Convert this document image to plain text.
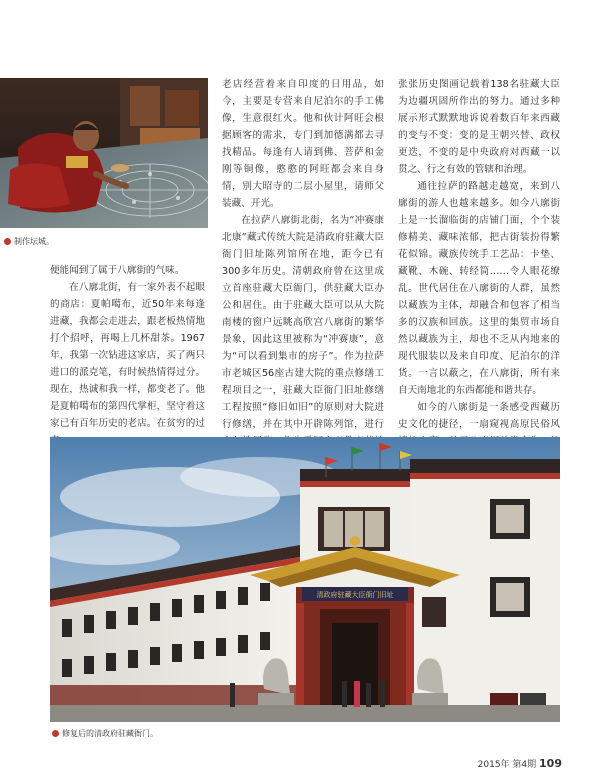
制作坛城。

便能闻到了属于八廓街的气味。

在八廓北街，有一家外表不起眼的商店：夏帕噶布，近50年来每逢进藏，我都会走进去，跟老板热情地打个招呼，再喝上几杯甜茶。1967年，我第一次钻进这家店，买了两只进口的派克笔，有时候热情得过分。现在，热诚和我一样，都变老了。他是夏帕噶布的第四代掌柜，坚守着这家已有百年历史的老店。在贫穷的过

老店经营着来自印度的日用品，如今，主要是专营来自尼泊尔的手工佛像，生意很红火。他和伙计阿旺会根据顾客的需求，专门到加德满都去寻找精品。每逢有人请到佛、菩萨和金刚等铜像，憨憨的阿旺都会来自身情，别大昭寺的二层小屋里，请师父装藏、开光。

在拉萨八廓街北街，名为“冲赛康北康”藏式传统大院是清政府驻藏大臣衙门旧址陈列馆所在地，距今已有300多年历史。清朝政府曾在这里成立首座驻藏大臣衙门，供驻藏大臣办公和居住。由于驻藏大臣可以从大院南楼的窗户远眺高欣宫八廓街的繁华景象，因此这里被称为“冲赛康”，意为“可以看到集市的房子”。作为拉萨市老城区56座古建大院的重点修缮工程项目之一，驻藏大臣衙门旧址修缮工程按照“修旧如旧”的原则对大院进行修缮，并在其中开辟陈列馆，进行

张张历史图画记载着138名驻藏大臣为边疆巩固所作出的努力。通过多种展示形式默默地诉说着数百年来西藏的变与不变：变的是王朝兴替、政权更迭，不变的是中央政府对西藏一以贯之、行之有效的管辖和治理。

通往拉萨的路越走越宽，来到八廓街的游人也越来越多。如今八廓街上是一长溜临街的店铺门面，个个装修精美、藏味浓郁，把古街装扮得繁花似锦。藏族传统手工艺品：卡垫、藏靴、木碗、转经筒……令人眼花缭乱。世代居住在八廓街的人群，虽然以藏族为主体，却融合和包容了相当多的汉族和回族。这里的集贸市场自然以藏族为主，却也不乏从内地来的现代服装以及来自印度、尼泊尔的洋货。一言以蔽之，在八廓街，所有来自天南地北的东西都能和谐共存。

如今的八廓街是一条感受西藏历史文化的捷径，一扇窥视高原民俗风

清政府驻藏大臣衙门旧址
修复后的清政府驻藏衙门。
2015年 第4期 109
